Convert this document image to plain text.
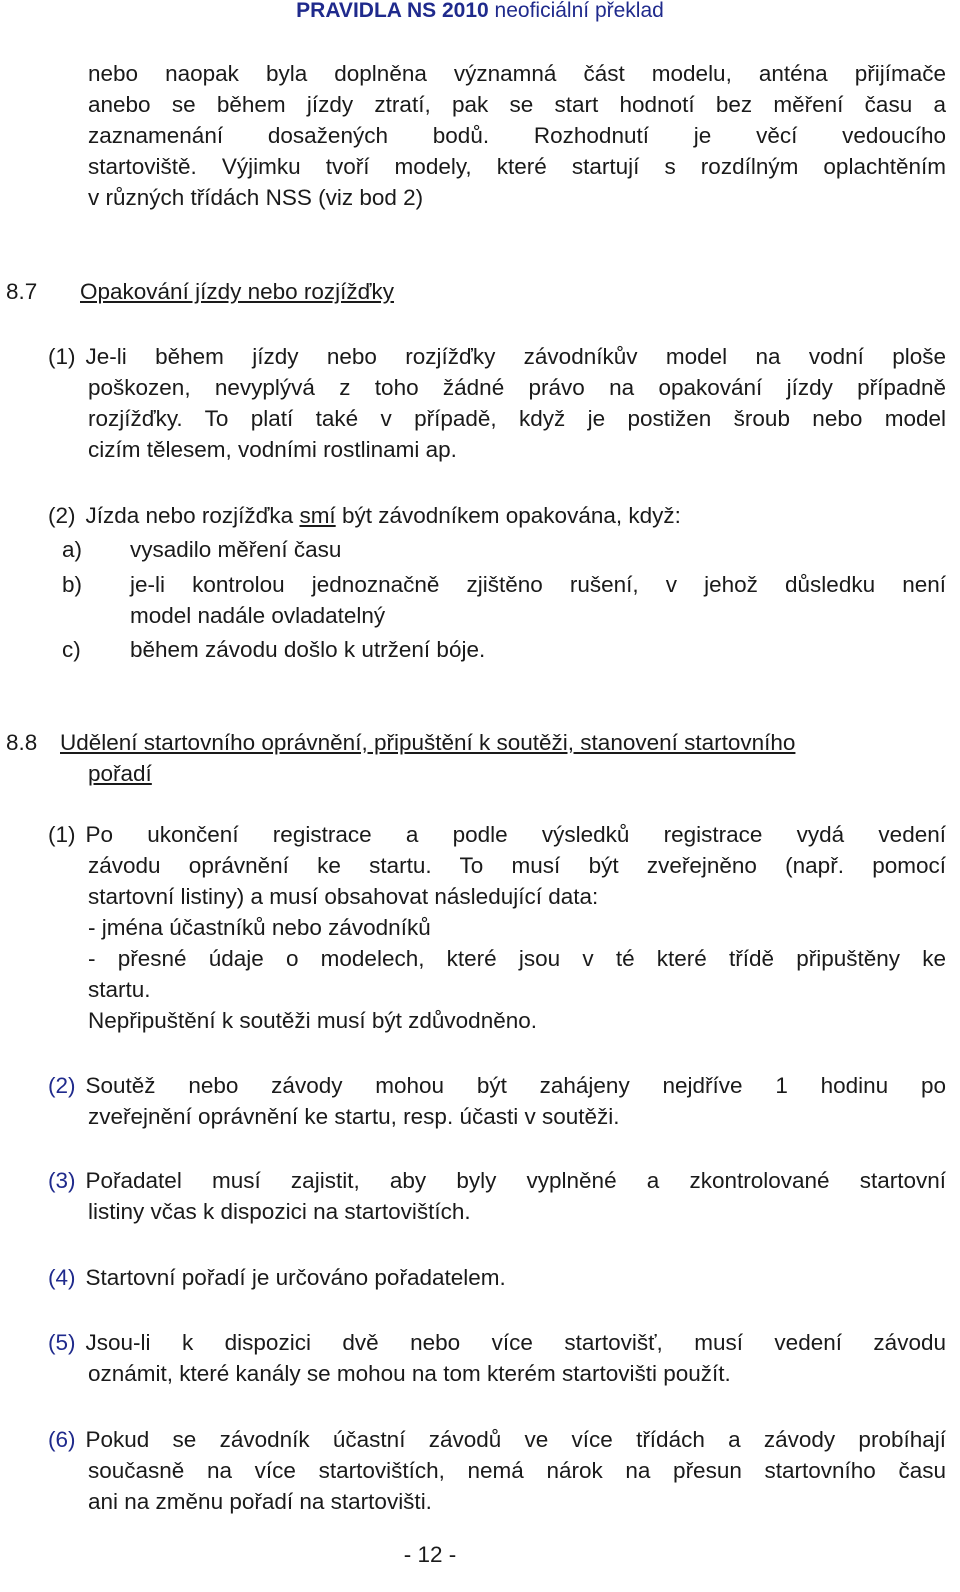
PRAVIDLA NS 2010 neoficiální překlad
nebo naopak byla doplněna významná část modelu, anténa přijímače
anebo se během jízdy ztratí, pak se start hodnotí bez měření času a
zaznamenání dosažených bodů. Rozhodnutí je věcí vedoucího
startoviště. Výjimku tvoří modely, které startují s rozdílným oplachtěním
v různých třídách NSS (viz bod 2)
8.7 Opakování jízdy nebo rozjížďky
(1) Je-li během jízdy nebo rozjížďky závodníkův model na vodní ploše
poškozen, nevyplývá z toho žádné právo na opakování jízdy případně
rozjížďky. To platí také v případě, když je postižen šroub nebo model
cizím tělesem, vodními rostlinami ap.
(2) Jízda nebo rozjížďka smí být závodníkem opakována, když:
a)	vysadilo měření času
b)	je-li kontrolou jednoznačně zjištěno rušení, v jehož důsledku není
model nadále ovladatelný
c)	během závodu došlo k utržení bóje.
8.8 Udělení startovního oprávnění, připuštění k soutěži, stanovení startovního
pořadí
(1) Po ukončení registrace a podle výsledků registrace vydá vedení
závodu oprávnění ke startu. To musí být zveřejněno (např. pomocí
startovní listiny) a musí obsahovat následující data:
- jména účastníků nebo závodníků
- přesné údaje o modelech, které jsou v té které třídě připuštěny ke
startu.
Nepřipuštění k soutěži musí být zdůvodněno.
(2) Soutěž nebo závody mohou být zahájeny nejdříve 1 hodinu po
zveřejnění oprávnění ke startu, resp. účasti v soutěži.
(3) Pořadatel musí zajistit, aby byly vyplněné a zkontrolované startovní
listiny včas k dispozici na startovištích.
(4) Startovní pořadí je určováno pořadatelem.
(5) Jsou-li k dispozici dvě nebo více startovišť, musí vedení závodu
oznámit, které kanály se mohou na tom kterém startovišti použít.
(6) Pokud se závodník účastní závodů ve více třídách a závody probíhají
současně na více startovištích, nemá nárok na přesun startovního času
ani na změnu pořadí na startovišti.
- 12 -
